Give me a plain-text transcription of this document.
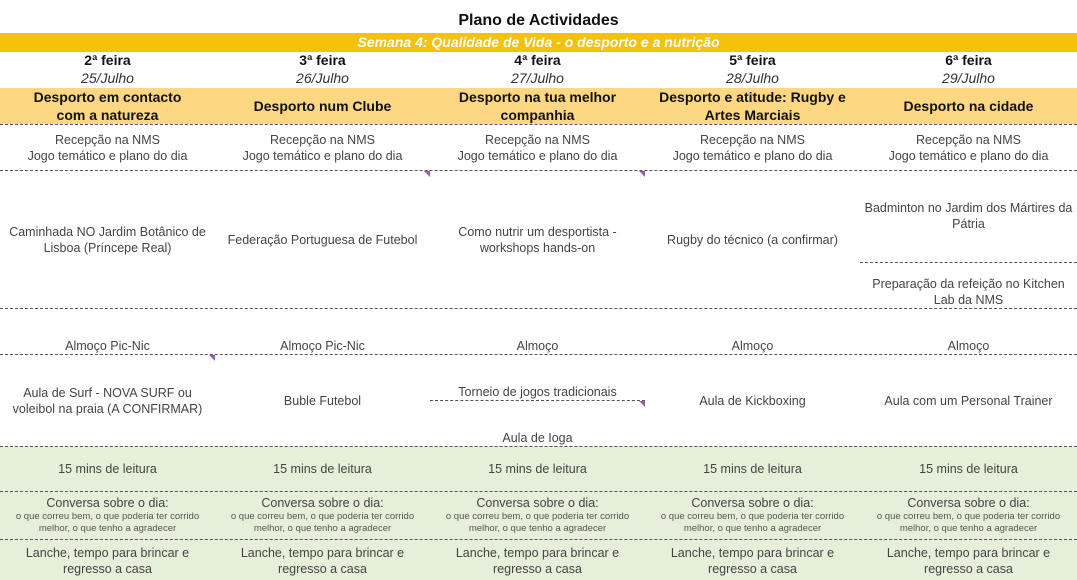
Plano de Actividades
Semana 4: Qualidade de Vida - o desporto e a nutrição
2ª feira
25/Julho
Desporto em contacto com a natureza
Recepção na NMS
Jogo temático e plano do dia
Caminhada NO Jardim Botânico de Lisboa (Príncepe Real)
Almoço Pic-Nic
Aula de Surf - NOVA SURF ou voleibol na praia (A CONFIRMAR)
15 mins de leitura
Conversa sobre o dia:
o que correu bem, o que poderia ter corrido melhor, o que tenho a agradecer
Lanche, tempo para brincar e regresso a casa
3ª feira
26/Julho
Desporto num Clube
Recepção na NMS
Jogo temático e plano do dia
Federação Portuguesa de Futebol
Almoço Pic-Nic
Buble Futebol
15 mins de leitura
Conversa sobre o dia:
o que correu bem, o que poderia ter corrido melhor, o que tenho a agradecer
Lanche, tempo para brincar e regresso a casa
4ª feira
27/Julho
Desporto na tua melhor companhia
Recepção na NMS
Jogo temático e plano do dia
Como nutrir um desportista - workshops hands-on
Almoço
Torneio de jogos tradicionais
Aula de Ioga
15 mins de leitura
Conversa sobre o dia:
o que correu bem, o que poderia ter corrido melhor, o que tenho a agradecer
Lanche, tempo para brincar e regresso a casa
5ª feira
28/Julho
Desporto e atitude: Rugby e Artes Marciais
Recepção na NMS
Jogo temático e plano do dia
Rugby do técnico (a confirmar)
Almoço
Aula de Kickboxing
15 mins de leitura
Conversa sobre o dia:
o que correu bem, o que poderia ter corrido melhor, o que tenho a agradecer
Lanche, tempo para brincar e regresso a casa
6ª feira
29/Julho
Desporto na cidade
Recepção na NMS
Jogo temático e plano do dia
Badminton no Jardim dos Mártires da Pátria
Preparação da refeição no Kitchen Lab da NMS
Almoço
Aula com um Personal Trainer
15 mins de leitura
Conversa sobre o dia:
o que correu bem, o que poderia ter corrido melhor, o que tenho a agradecer
Lanche, tempo para brincar e regresso a casa
